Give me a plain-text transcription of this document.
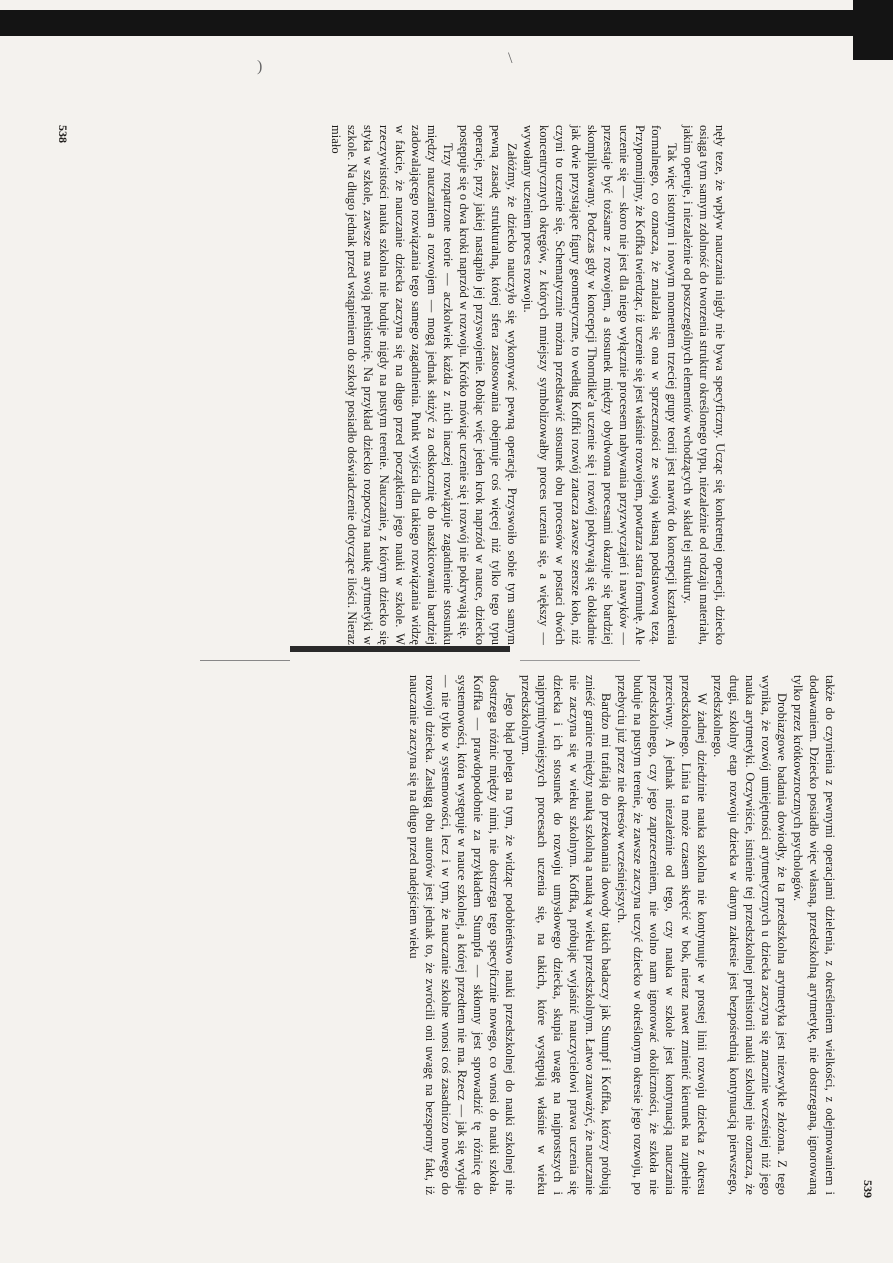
)	\

nęły teze, że wpływ nauczania nigdy nie bywa specyficzny. Ucząc się konkretnej operacji, dziecko osiąga tym samym zdolność do tworzenia struktur określonego typu, niezależnie od rodzaju materiału, jakim operuje, i niezależnie od poszczególnych elementów wchodzących w skład tej struktury.

Tak więc istotnym i nowym momentem trzeciej grupy teorii jest nawrót do koncepcji kształcenia formalnego, co oznacza, że znalazła się ona w sprzeczności ze swoją własną podstawową tezą. Przypomnijmy, że Koffka twierdząc, iż uczenie się jest właśnie rozwojem, powtarza stara formułę. Ale uczenie się — skoro nie jest dla niego wyłącznie procesem nabywania przyzwyczajeń i nawyków — przestaje być tożsame z rozwojem, a stosunek między obydwoma procesami okazuje się bardziej skomplikowany. Podczas gdy w koncepcji Thorndike'a uczenie się i rozwój pokrywają się dokładnie jak dwie przystające figury geometryczne, to według Koffki rozwój zatacza zawsze szersze koło, niż czyni to uczenie się. Schematycznie można przedstawić stosunek obu procesów w postaci dwóch koncentrycznych okręgów, z których mniejszy symbolizowałby proces uczenia się, a większy — wywołany uczeniem proces rozwoju.

Załóżmy, że dziecko nauczyło się wykonywać pewną operację. Przyswoiło sobie tym samym pewną zasadę strukturalną, której sfera zastosowania obejmuje coś więcej niż tylko tego typu operacje, przy jakiej nastąpiło jej przyswojenie. Robiąc więc jeden krok naprzód w nauce, dziecko postępuje się o dwa kroki naprzód w rozwoju. Krótko mówiąc uczenie się i rozwój nie pokrywają się.

Trzy rozpatrzone teorie — aczkolwiek każda z nich inaczej rozwiązuje zagadnienie stosunku między nauczaniem a rozwojem — mogą jednak służyć za odskocznię do naszkicowania bardziej zadowalającego rozwiązania tego samego zagadnienia. Punkt wyjścia dla takiego rozwiązania widzę w fakcie, że nauczanie dziecka zaczyna się na długo przed początkiem jego nauki w szkole. W rzeczywistości nauka szkolna nie buduje nigdy na pustym terenie. Nauczanie, z którym dziecko się styka w szkole, zawsze ma swoją prehistorię. Na przykład dziecko rozpoczyna naukę arytmetyki w szkole. Na długo jednak przed wstąpieniem do szkoły posiadło doświadczenie dotyczące ilości. Nieraz miało

538

także do czynienia z pewnymi operacjami dzielenia, z określeniem wielkości, z odejmowaniem i dodawaniem. Dziecko posiadło więc własną, przedszkolną arytmetykę, nie dostrzeganą, ignorowaną tylko przez krótkowzrocznych psychologów.

Drobiazgowe badania dowiodły, że ta przedszkolna arytmetyka jest niezwykle złożona. Z tego wynika, że rozwój umiejętności arytmetycznych u dziecka zaczyna się znacznie wcześniej niż jego nauka arytmetyki. Oczywiście, istnienie tej przedszkolnej prehistorii nauki szkolnej nie oznacza, że drugi, szkolny etap rozwoju dziecka w danym zakresie jest bezpośrednią kontynuacją pierwszego, przedszkolnego.

W żadnej dziedzinie nauka szkolna nie kontynuuje w prostej linii rozwoju dziecka z okresu przedszkolnego. Linia ta może czasem skręcić w bok, nieraz nawet zmienić kierunek na zupełnie przeciwny. A jednak niezależnie od tego, czy nauka w szkole jest kontynuacją nauczania przedszkolnego, czy jego zaprzeczeniem, nie wolno nam ignorować okoliczności, że szkoła nie buduje na pustym terenie, że zawsze zaczyna uczyć dziecko w określonym okresie jego rozwoju, po przebyciu już przez nie okresów wcześniejszych.

Bardzo mi trafiają do przekonania dowody takich badaczy jak Stumpf i Koffka, którzy próbują znieść granice między nauką szkolną a nauką w wieku przedszkolnym. Łatwo zauważyć, że nauczanie nie zaczyna się w wieku szkolnym. Koffka, próbując wyjaśnić nauczycielowi prawa uczenia się dziecka i ich stosunek do rozwoju umysłowego dziecka, skupia uwagę na najprostszych i najprymitywniejszych procesach uczenia się, na takich, które występują właśnie w wieku przedszkolnym.

Jego błąd polega na tym, że widząc podobieństwo nauki przedszkolnej do nauki szkolnej nie dostrzega różnic między nimi, nie dostrzega tego specyficznie nowego, co wnosi do nauki szkoła. Koffka — prawdopodobnie za przykładem Stumpfa — skłonny jest sprowadzić tę różnicę do systemowości, która występuje w nauce szkolnej, a której przedtem nie ma. Rzecz — jak się wydaje — nie tylko w systemowości, lecz i w tym, że nauczanie szkolne wnosi coś zasadniczo nowego do rozwoju dziecka. Zasługą obu autorów jest jednak to, że zwrócili oni uwagę na bezsporny fakt, iż nauczanie zaczyna się na długo przed nadejściem wieku

539
